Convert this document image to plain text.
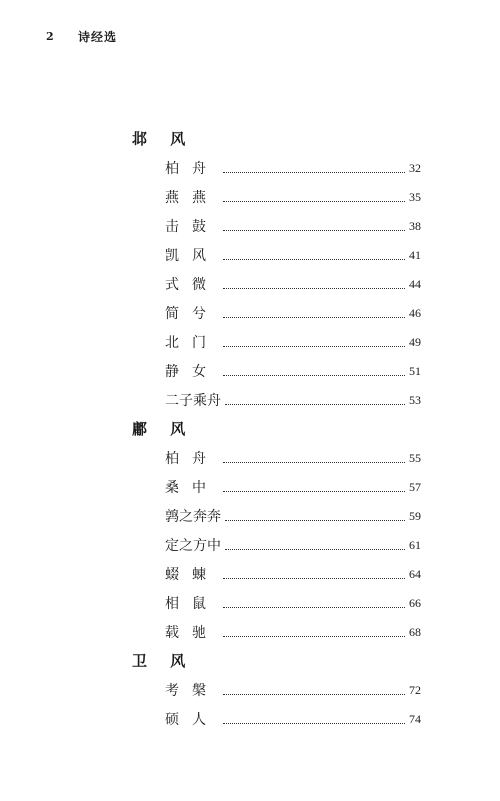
2	诗经选
邶 风
柏舟	32
燕燕	35
击鼓	38
凯风	41
式微	44
简兮	46
北门	49
静女	51
二子乘舟	53
鄘 风
柏舟	55
桑中	57
鹑之奔奔	59
定之方中	61
蝃蝀	64
相鼠	66
载驰	68
卫 风
考槃	72
硕人	74
